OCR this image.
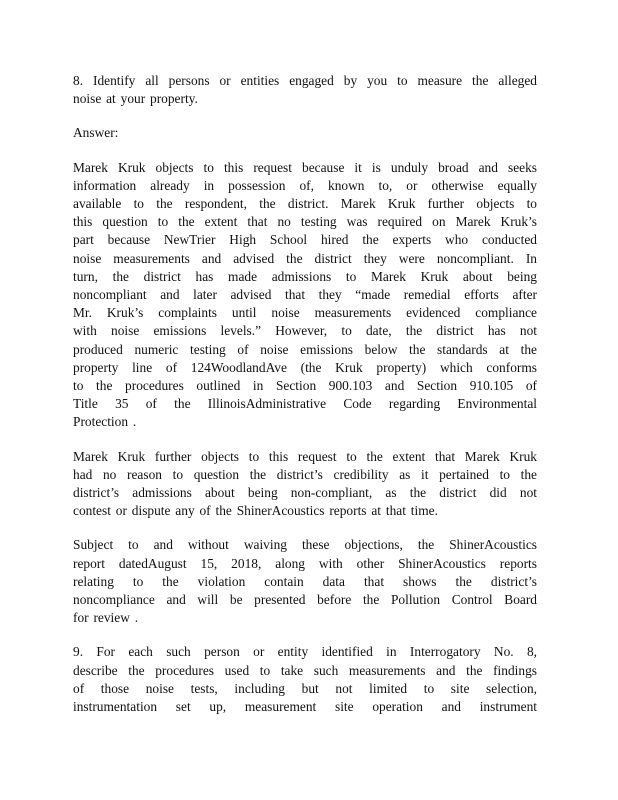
8. Identify all persons or entities engaged by you to measure the alleged
noise at your property.
Answer:
Marek Kruk objects to this request because it is unduly broad and seeks
information already in possession of, known to, or otherwise equally
available to the respondent, the district. Marek Kruk further objects to
this question to the extent that no testing was required on Marek Kruk’s
part because NewTrier High School hired the experts who conducted
noise measurements and advised the district they were noncompliant. In
turn, the district has made admissions to Marek Kruk about being
noncompliant and later advised that they “made remedial efforts after
Mr. Kruk’s complaints until noise measurements evidenced compliance
with noise emissions levels.” However, to date, the district has not
produced numeric testing of noise emissions below the standards at the
property line of 124WoodlandAve (the Kruk property) which conforms
to the procedures outlined in Section 900.103 and Section 910.105 of
Title 35 of the IllinoisAdministrative Code regarding Environmental
Protection .
Marek Kruk further objects to this request to the extent that Marek Kruk
had no reason to question the district’s credibility as it pertained to the
district’s admissions about being non-compliant, as the district did not
contest or dispute any of the ShinerAcoustics reports at that time.
Subject to and without waiving these objections, the ShinerAcoustics
report datedAugust 15, 2018, along with other ShinerAcoustics reports
relating to the violation contain data that shows the district’s
noncompliance and will be presented before the Pollution Control Board
for review .
9. For each such person or entity identified in Interrogatory No. 8,
describe the procedures used to take such measurements and the findings
of those noise tests, including but not limited to site selection,
instrumentation set up, measurement site operation and instrument
